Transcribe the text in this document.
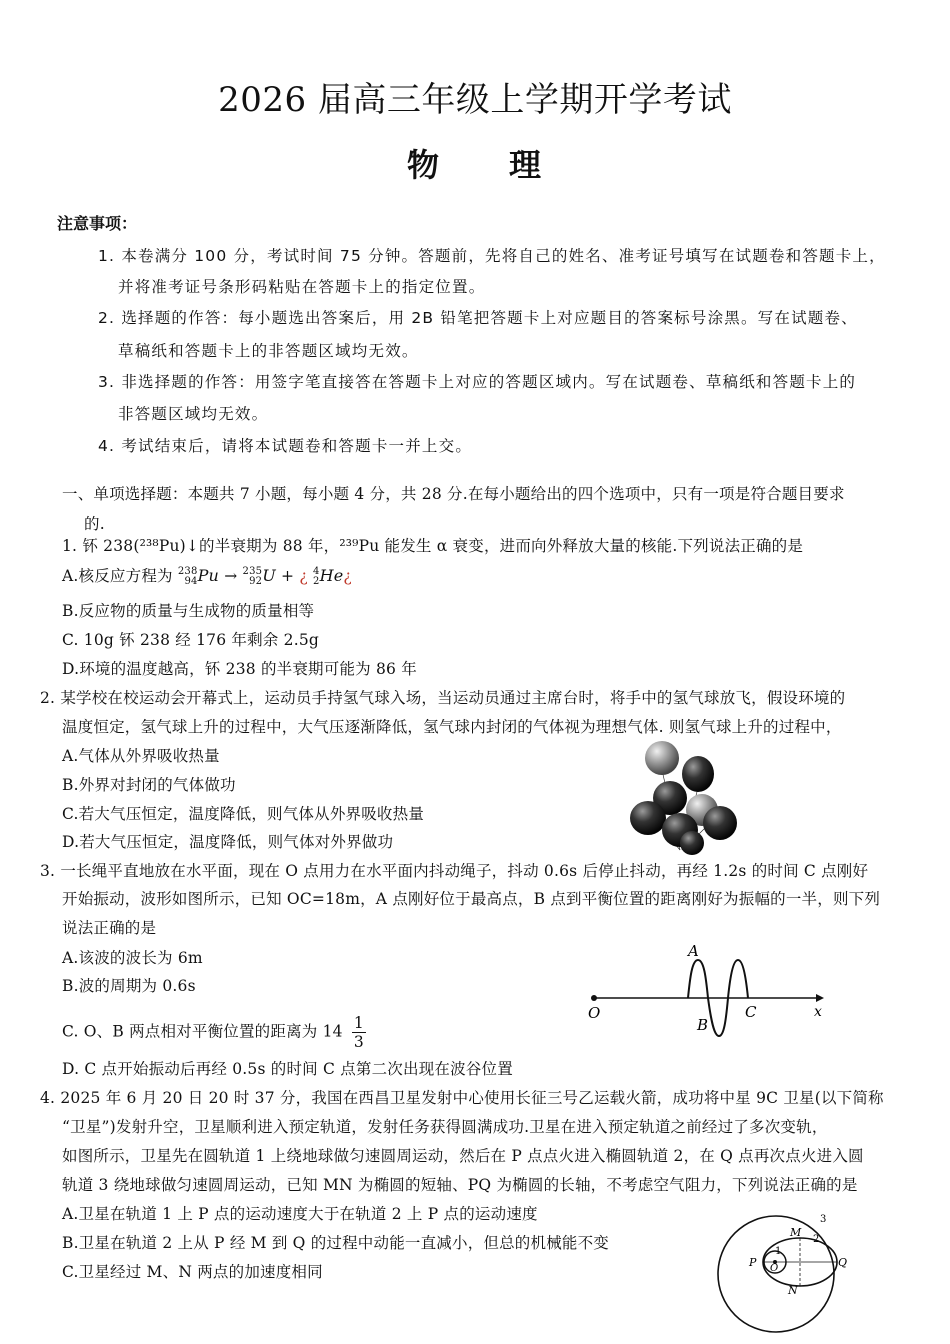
2026 届高三年级上学期开学考试
物　　理
注意事项：
1. 本卷满分 100 分，考试时间 75 分钟。答题前，先将自己的姓名、准考证号填写在试题卷和答题卡上，
并将准考证号条形码粘贴在答题卡上的指定位置。
2. 选择题的作答：每小题选出答案后，用 2B 铅笔把答题卡上对应题目的答案标号涂黑。写在试题卷、
草稿纸和答题卡上的非答题区域均无效。
3. 非选择题的作答：用签字笔直接答在答题卡上对应的答题区域内。写在试题卷、草稿纸和答题卡上的
非答题区域均无效。
4. 考试结束后，请将本试题卷和答题卡一并上交。
一、单项选择题：本题共 7 小题，每小题 4 分，共 28 分.在每小题给出的四个选项中，只有一项是符合题目要求
的.
1. 钚 238(²³⁸Pu)↓的半衰期为 88 年，²³⁹Pu 能发生 α 衰变，进而向外释放大量的核能.下列说法正确的是
A.核反应方程为 238
94 Pu → 235
92 U + ¿ 4
2 He¿
B.反应物的质量与生成物的质量相等
C. 10g 钚 238 经 176 年剩余 2.5g
D.环境的温度越高，钚 238 的半衰期可能为 86 年
2. 某学校在校运动会开幕式上，运动员手持氢气球入场，当运动员通过主席台时，将手中的氢气球放飞，假设环境的
温度恒定，氢气球上升的过程中，大气压逐渐降低，氢气球内封闭的气体视为理想气体. 则氢气球上升的过程中，
A.气体从外界吸收热量
B.外界对封闭的气体做功
C.若大气压恒定，温度降低，则气体从外界吸收热量
D.若大气压恒定，温度降低，则气体对外界做功
3. 一长绳平直地放在水平面，现在 O 点用力在水平面内抖动绳子，抖动 0.6s 后停止抖动，再经 1.2s 的时间 C 点刚好
开始振动，波形如图所示，已知 OC=18m，A 点刚好位于最高点，B 点到平衡位置的距离刚好为振幅的一半，则下列
说法正确的是
A.该波的波长为 6m
B.波的周期为 0.6s
C. O、B 两点相对平衡位置的距离为 $14 \frac{1}{3}$
D. C 点开始振动后再经 0.5s 的时间 C 点第二次出现在波谷位置
A
B
C
O	x
4. 2025 年 6 月 20 日 20 时 37 分，我国在西昌卫星发射中心使用长征三号乙运载火箭，成功将中星 9C 卫星(以下简称
“卫星”)发射升空，卫星顺利进入预定轨道，发射任务获得圆满成功.卫星在进入预定轨道之前经过了多次变轨，
如图所示，卫星先在圆轨道 1 上绕地球做匀速圆周运动，然后在 P 点点火进入椭圆轨道 2，在 Q 点再次点火进入圆
轨道 3 绕地球做匀速圆周运动，已知 MN 为椭圆的短轴、PQ 为椭圆的长轴，不考虑空气阻力，下列说法正确的是
A.卫星在轨道 1 上 P 点的运动速度大于在轨道 2 上 P 点的运动速度
B.卫星在轨道 2 上从 P 经 M 到 Q 的过程中动能一直减小，但总的机械能不变
C.卫星经过 M、N 两点的加速度相同	O
P	Q
M
N
1
2
3
